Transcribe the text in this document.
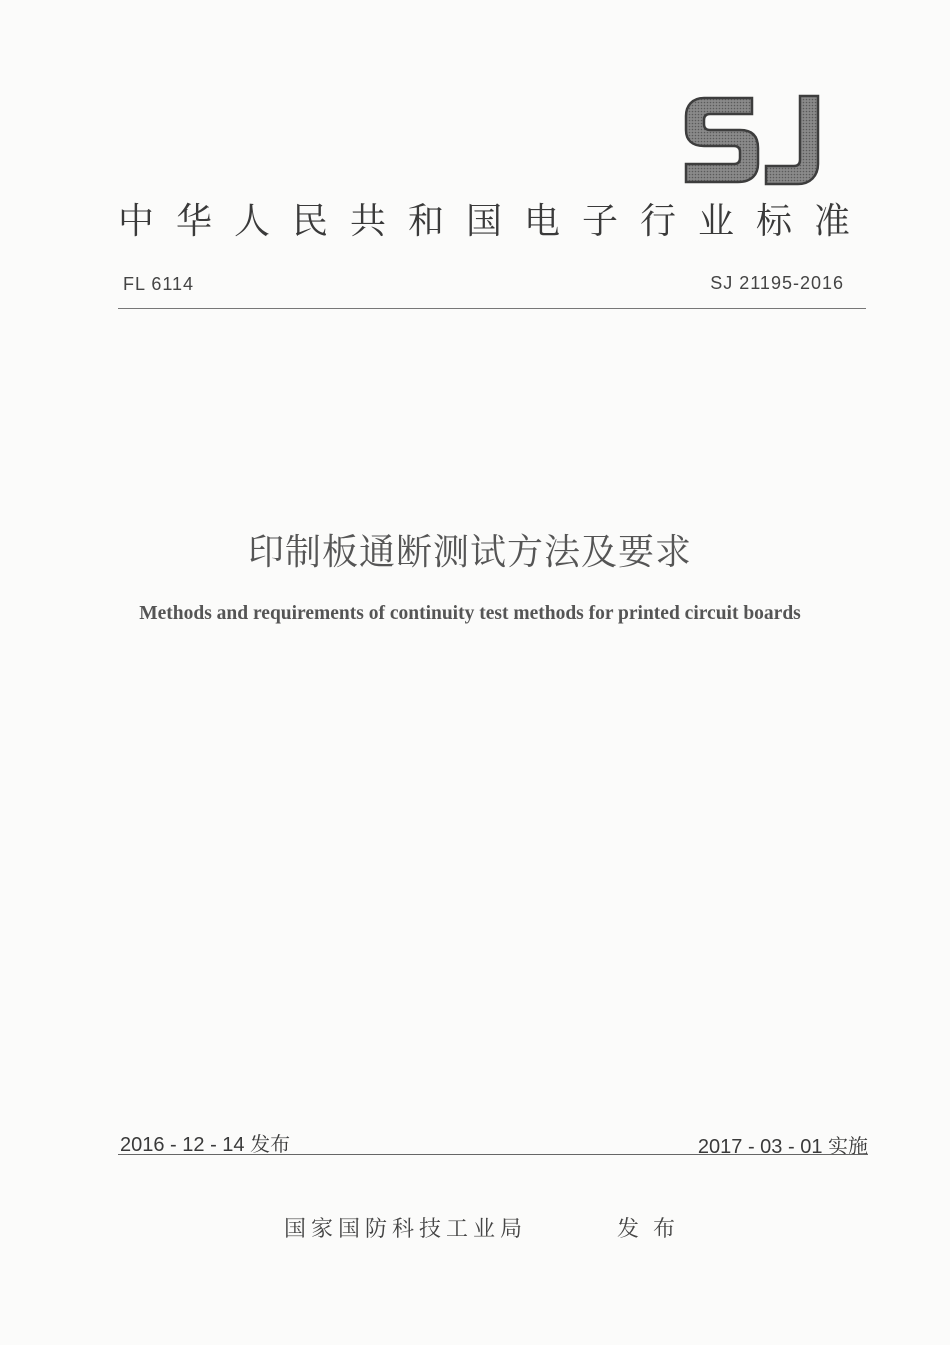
中华人民共和国电子行业标准
FL 6114	SJ 21195-2016
印制板通断测试方法及要求
Methods and requirements of continuity test methods for printed circuit boards
2016 - 12 - 14 发布	2017 - 03 - 01 实施
国家国防科技工业局	发布
